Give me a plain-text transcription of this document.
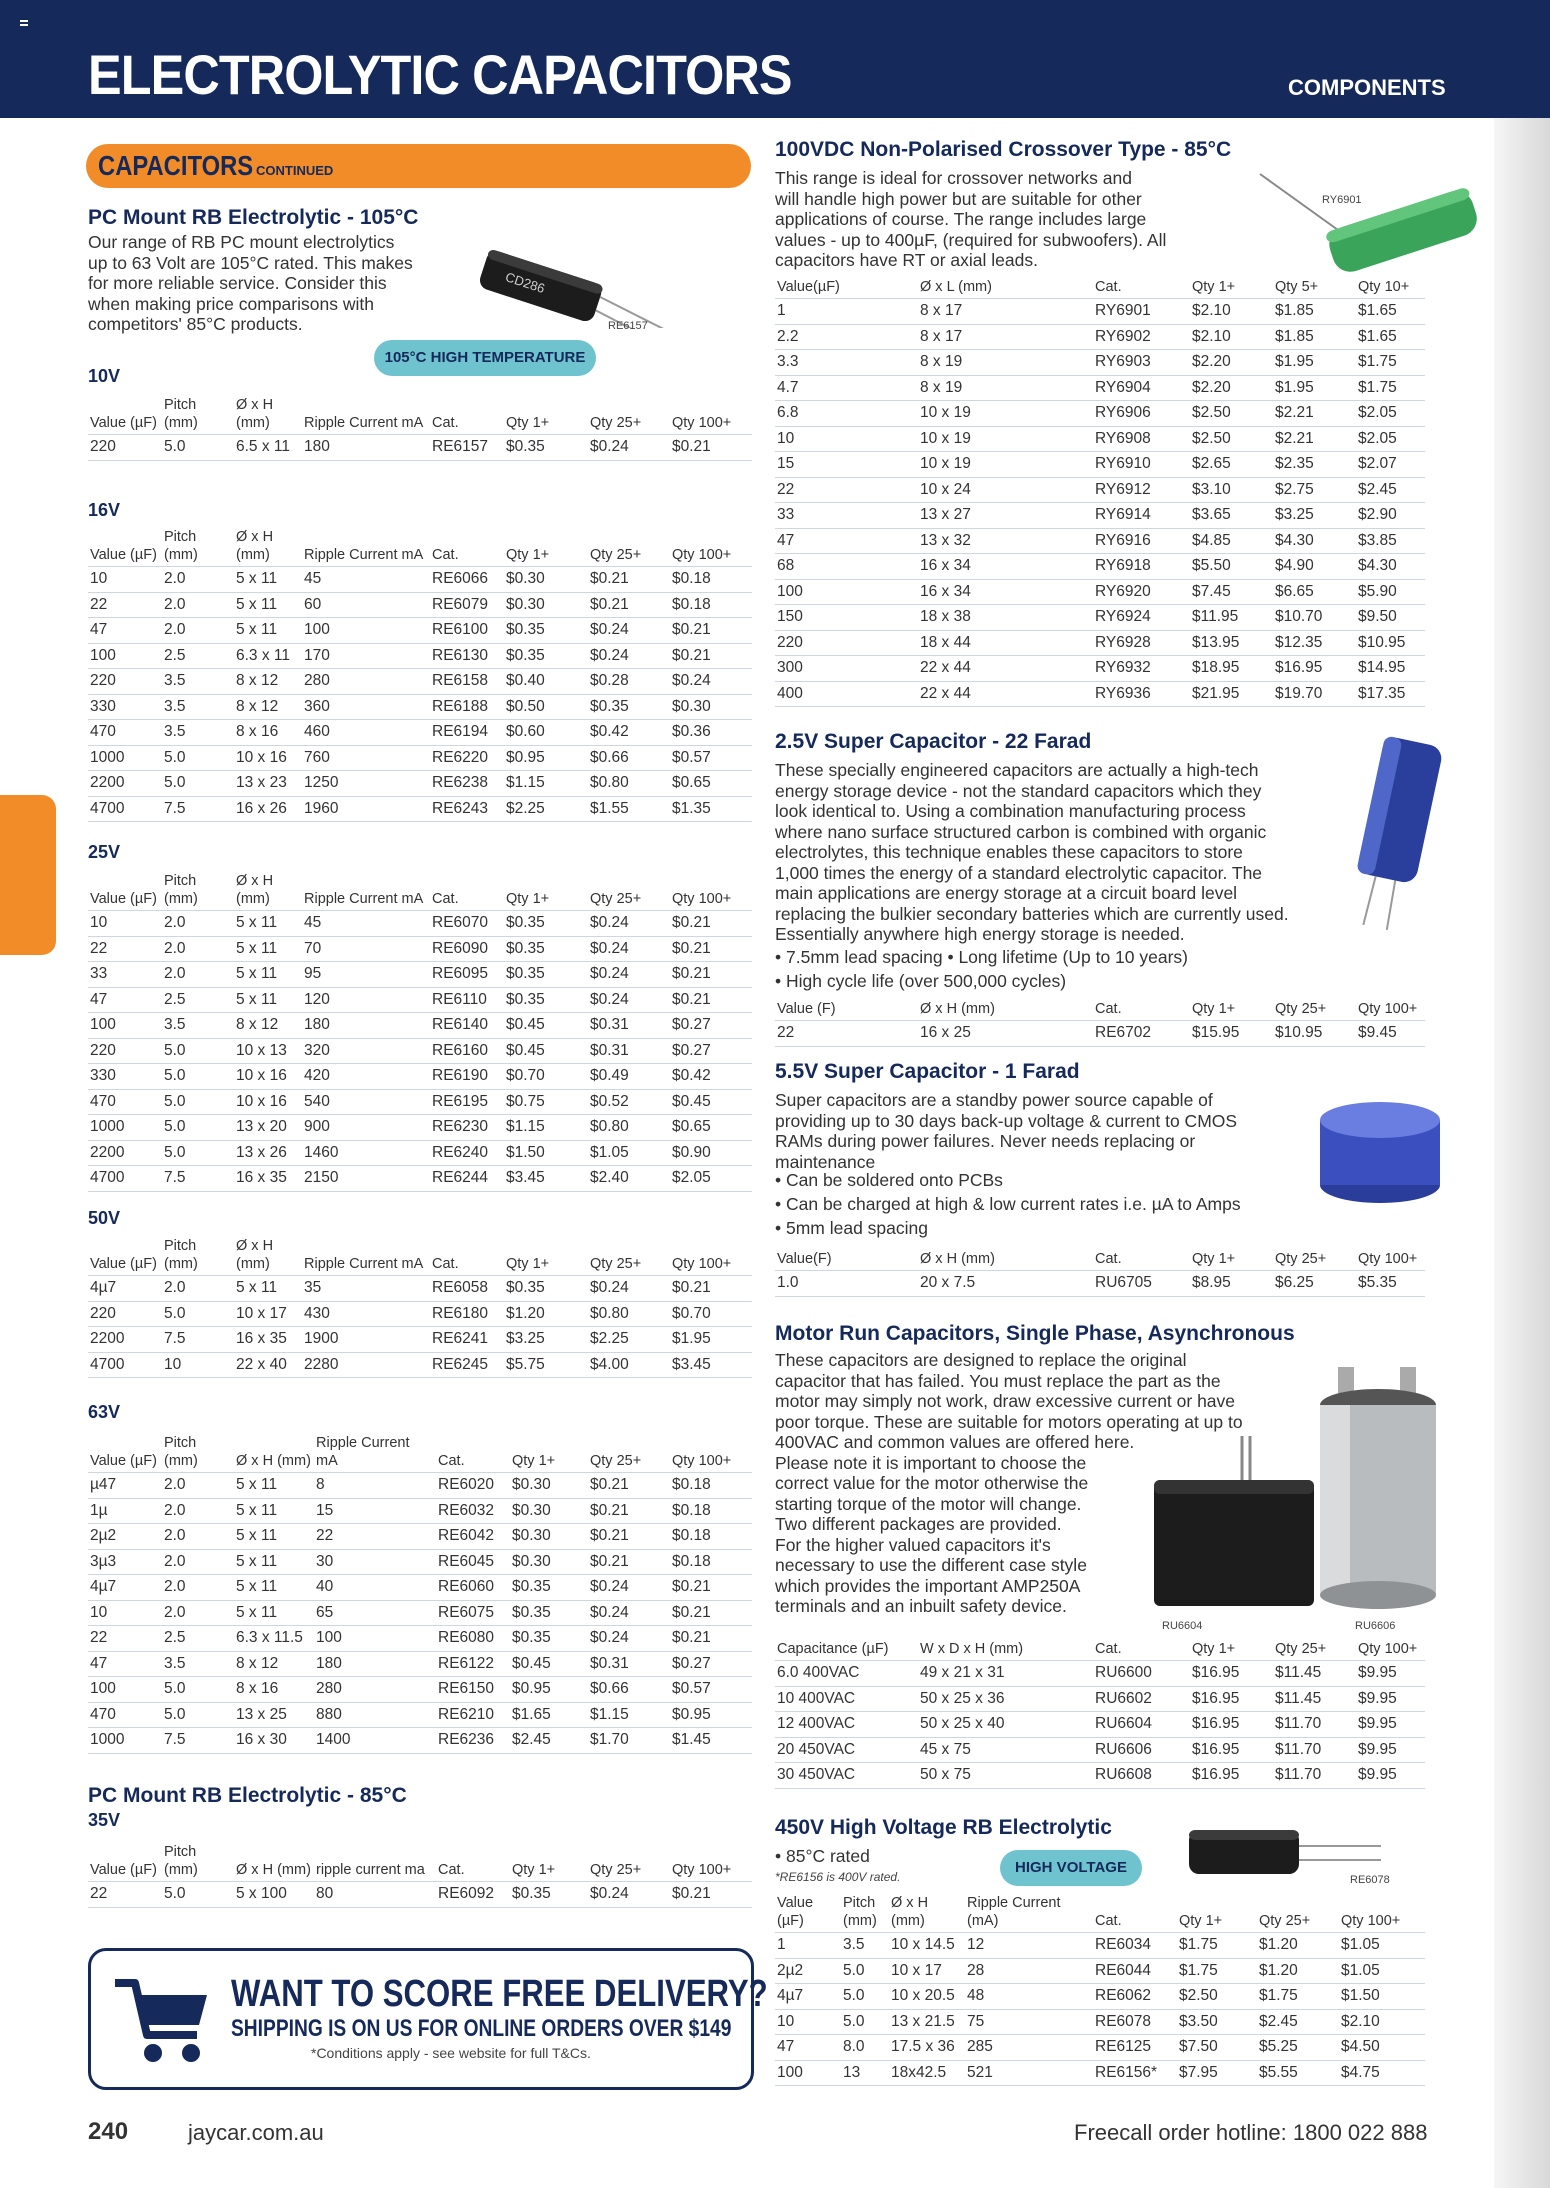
ELECTROLYTIC CAPACITORS	COMPONENTS
CAPACITORS CONTINUED
PC Mount RB Electrolytic - 105°C
Our range of RB PC mount electrolytics
up to 63 Volt are 105°C rated. This makes
for more reliable service. Consider this
when making price comparisons with
competitors' 85°C products.
CD286
RE6157
105°C HIGH TEMPERATURE
10V
Value (µF)	Pitch (mm)	Ø x H (mm)	Ripple Current mA	Cat.	Qty 1+	Qty 25+	Qty 100+
220	5.0	6.5 x 11	180	RE6157	$0.35	$0.24	$0.21
16V
Value (µF)	Pitch (mm)	Ø x H (mm)	Ripple Current mA	Cat.	Qty 1+	Qty 25+	Qty 100+
10	2.0	5 x 11	45	RE6066	$0.30	$0.21	$0.18
22	2.0	5 x 11	60	RE6079	$0.30	$0.21	$0.18
47	2.0	5 x 11	100	RE6100	$0.35	$0.24	$0.21
100	2.5	6.3 x 11	170	RE6130	$0.35	$0.24	$0.21
220	3.5	8 x 12	280	RE6158	$0.40	$0.28	$0.24
330	3.5	8 x 12	360	RE6188	$0.50	$0.35	$0.30
470	3.5	8 x 16	460	RE6194	$0.60	$0.42	$0.36
1000	5.0	10 x 16	760	RE6220	$0.95	$0.66	$0.57
2200	5.0	13 x 23	1250	RE6238	$1.15	$0.80	$0.65
4700	7.5	16 x 26	1960	RE6243	$2.25	$1.55	$1.35
25V
Value (µF)	Pitch (mm)	Ø x H (mm)	Ripple Current mA	Cat.	Qty 1+	Qty 25+	Qty 100+
10	2.0	5 x 11	45	RE6070	$0.35	$0.24	$0.21
22	2.0	5 x 11	70	RE6090	$0.35	$0.24	$0.21
33	2.0	5 x 11	95	RE6095	$0.35	$0.24	$0.21
47	2.5	5 x 11	120	RE6110	$0.35	$0.24	$0.21
100	3.5	8 x 12	180	RE6140	$0.45	$0.31	$0.27
220	5.0	10 x 13	320	RE6160	$0.45	$0.31	$0.27
330	5.0	10 x 16	420	RE6190	$0.70	$0.49	$0.42
470	5.0	10 x 16	540	RE6195	$0.75	$0.52	$0.45
1000	5.0	13 x 20	900	RE6230	$1.15	$0.80	$0.65
2200	5.0	13 x 26	1460	RE6240	$1.50	$1.05	$0.90
4700	7.5	16 x 35	2150	RE6244	$3.45	$2.40	$2.05
50V
Value (µF)	Pitch (mm)	Ø x H (mm)	Ripple Current mA	Cat.	Qty 1+	Qty 25+	Qty 100+
4µ7	2.0	5 x 11	35	RE6058	$0.35	$0.24	$0.21
220	5.0	10 x 17	430	RE6180	$1.20	$0.80	$0.70
2200	7.5	16 x 35	1900	RE6241	$3.25	$2.25	$1.95
4700	10	22 x 40	2280	RE6245	$5.75	$4.00	$3.45
63V
Value (µF)	Pitch (mm)	Ø x H (mm)	Ripple Current mA	Cat.	Qty 1+	Qty 25+	Qty 100+
µ47	2.0	5 x 11	8	RE6020	$0.30	$0.21	$0.18
1µ	2.0	5 x 11	15	RE6032	$0.30	$0.21	$0.18
2µ2	2.0	5 x 11	22	RE6042	$0.30	$0.21	$0.18
3µ3	2.0	5 x 11	30	RE6045	$0.30	$0.21	$0.18
4µ7	2.0	5 x 11	40	RE6060	$0.35	$0.24	$0.21
10	2.0	5 x 11	65	RE6075	$0.35	$0.24	$0.21
22	2.5	6.3 x 11.5	100	RE6080	$0.35	$0.24	$0.21
47	3.5	8 x 12	180	RE6122	$0.45	$0.31	$0.27
100	5.0	8 x 16	280	RE6150	$0.95	$0.66	$0.57
470	5.0	13 x 25	880	RE6210	$1.65	$1.15	$0.95
1000	7.5	16 x 30	1400	RE6236	$2.45	$1.70	$1.45
PC Mount RB Electrolytic - 85°C
35V
Value (µF)	Pitch (mm)	Ø x H (mm)	ripple current ma	Cat.	Qty 1+	Qty 25+	Qty 100+
22	5.0	5 x 100	80	RE6092	$0.35	$0.24	$0.21
WANT TO SCORE FREE DELIVERY?
SHIPPING IS ON US FOR ONLINE ORDERS OVER $149
*Conditions apply - see website for full T&Cs.
100VDC Non-Polarised Crossover Type - 85°C
This range is ideal for crossover networks and
will handle high power but are suitable for other
applications of course. The range includes large
values - up to 400µF, (required for subwoofers). All
capacitors have RT or axial leads.
RY6901
Value(µF)	Ø x L (mm)	Cat.	Qty 1+	Qty 5+	Qty 10+
1	8 x 17	RY6901	$2.10	$1.85	$1.65
2.2	8 x 17	RY6902	$2.10	$1.85	$1.65
3.3	8 x 19	RY6903	$2.20	$1.95	$1.75
4.7	8 x 19	RY6904	$2.20	$1.95	$1.75
6.8	10 x 19	RY6906	$2.50	$2.21	$2.05
10	10 x 19	RY6908	$2.50	$2.21	$2.05
15	10 x 19	RY6910	$2.65	$2.35	$2.07
22	10 x 24	RY6912	$3.10	$2.75	$2.45
33	13 x 27	RY6914	$3.65	$3.25	$2.90
47	13 x 32	RY6916	$4.85	$4.30	$3.85
68	16 x 34	RY6918	$5.50	$4.90	$4.30
100	16 x 34	RY6920	$7.45	$6.65	$5.90
150	18 x 38	RY6924	$11.95	$10.70	$9.50
220	18 x 44	RY6928	$13.95	$12.35	$10.95
300	22 x 44	RY6932	$18.95	$16.95	$14.95
400	22 x 44	RY6936	$21.95	$19.70	$17.35
2.5V Super Capacitor - 22 Farad
These specially engineered capacitors are actually a high-tech
energy storage device - not the standard capacitors which they
look identical to. Using a combination manufacturing process
where nano surface structured carbon is combined with organic
electrolytes, this technique enables these capacitors to store
1,000 times the energy of a standard electrolytic capacitor. The
main applications are energy storage at a circuit board level
replacing the bulkier secondary batteries which are currently used.
Essentially anywhere high energy storage is needed.
• 7.5mm lead spacing • Long lifetime (Up to 10 years)
• High cycle life (over 500,000 cycles)
Value (F)	Ø x H (mm)	Cat.	Qty 1+	Qty 25+	Qty 100+
22	16 x 25	RE6702	$15.95	$10.95	$9.45
5.5V Super Capacitor - 1 Farad
Super capacitors are a standby power source capable of
providing up to 30 days back-up voltage & current to CMOS
RAMs during power failures. Never needs replacing or
maintenance
• Can be soldered onto PCBs
• Can be charged at high & low current rates i.e. µA to Amps
• 5mm lead spacing
Value(F)	Ø x H (mm)	Cat.	Qty 1+	Qty 25+	Qty 100+
1.0	20 x 7.5	RU6705	$8.95	$6.25	$5.35
Motor Run Capacitors, Single Phase, Asynchronous
These capacitors are designed to replace the original
capacitor that has failed. You must replace the part as the
motor may simply not work, draw excessive current or have
poor torque. These are suitable for motors operating at up to
400VAC and common values are offered here.
Please note it is important to choose the
correct value for the motor otherwise the
starting torque of the motor will change.
Two different packages are provided.
For the higher valued capacitors it's
necessary to use the different case style
which provides the important AMP250A
terminals and an inbuilt safety device.
RU6604	RU6606
Capacitance (µF)	W x D x H (mm)	Cat.	Qty 1+	Qty 25+	Qty 100+
6.0 400VAC	49 x 21 x 31	RU6600	$16.95	$11.45	$9.95
10 400VAC	50 x 25 x 36	RU6602	$16.95	$11.45	$9.95
12 400VAC	50 x 25 x 40	RU6604	$16.95	$11.70	$9.95
20 450VAC	45 x 75	RU6606	$16.95	$11.70	$9.95
30 450VAC	50 x 75	RU6608	$16.95	$11.70	$9.95
450V High Voltage RB Electrolytic
• 85°C rated
*RE6156 is 400V rated.
HIGH VOLTAGE
RE6078
Value (µF)	Pitch (mm)	Ø x H (mm)	Ripple Current (mA)	Cat.	Qty 1+	Qty 25+	Qty 100+
1	3.5	10 x 14.5	12	RE6034	$1.75	$1.20	$1.05
2µ2	5.0	10 x 17	28	RE6044	$1.75	$1.20	$1.05
4µ7	5.0	10 x 20.5	48	RE6062	$2.50	$1.75	$1.50
10	5.0	13 x 21.5	75	RE6078	$3.50	$2.45	$2.10
47	8.0	17.5 x 36	285	RE6125	$7.50	$5.25	$4.50
100	13	18x42.5	521	RE6156*	$7.95	$5.55	$4.75
240	jaycar.com.au	Freecall order hotline: 1800 022 888
